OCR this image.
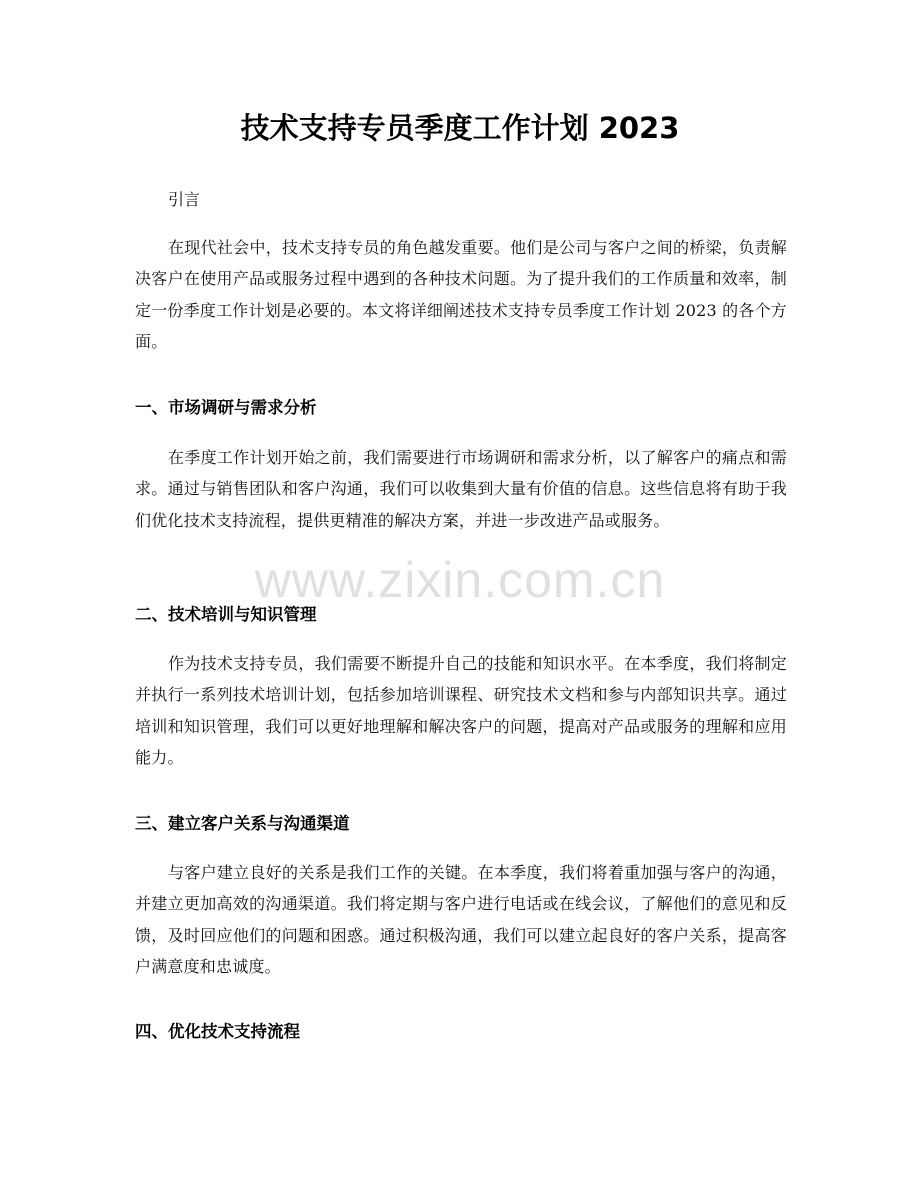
技术支持专员季度工作计划 2023

引言

在现代社会中，技术支持专员的角色越发重要。他们是公司与客户之间的桥梁，负责解决客户在使用产品或服务过程中遇到的各种技术问题。为了提升我们的工作质量和效率，制定一份季度工作计划是必要的。本文将详细阐述技术支持专员季度工作计划 2023 的各个方面。

一、市场调研与需求分析

在季度工作计划开始之前，我们需要进行市场调研和需求分析，以了解客户的痛点和需求。通过与销售团队和客户沟通，我们可以收集到大量有价值的信息。这些信息将有助于我们优化技术支持流程，提供更精准的解决方案，并进一步改进产品或服务。

二、技术培训与知识管理

作为技术支持专员，我们需要不断提升自己的技能和知识水平。在本季度，我们将制定并执行一系列技术培训计划，包括参加培训课程、研究技术文档和参与内部知识共享。通过培训和知识管理，我们可以更好地理解和解决客户的问题，提高对产品或服务的理解和应用能力。

三、建立客户关系与沟通渠道

与客户建立良好的关系是我们工作的关键。在本季度，我们将着重加强与客户的沟通，并建立更加高效的沟通渠道。我们将定期与客户进行电话或在线会议，了解他们的意见和反馈，及时回应他们的问题和困惑。通过积极沟通，我们可以建立起良好的客户关系，提高客户满意度和忠诚度。

四、优化技术支持流程
www.zixin.com.cn
